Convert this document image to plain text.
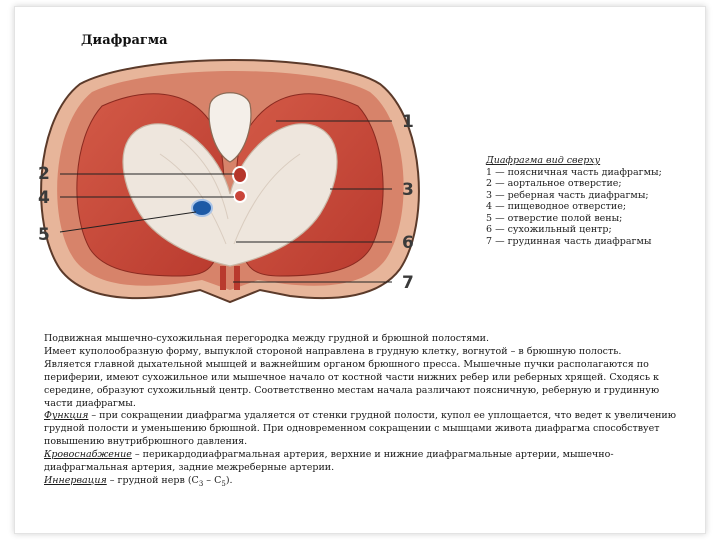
Диафрагма
1
2
3
4
5	6
7
Диафрагма вид сверху
1 — поясничная часть диафрагмы;
2 — аортальное отверстие;
3 — реберная часть диафрагмы;
4 — пищеводное отверстие;
5 — отверстие полой вены;
6 — сухожильный центр;
7 — грудинная часть диафрагмы

Подвижная мышечно-сухожильная перегородка между грудной и брюшной полостями.

Имеет куполообразную форму, выпуклой стороной направлена в грудную клетку, вогнутой – в брюшную полость.

Является главной дыхательной мышцей и важнейшим органом брюшного пресса. Мышечные пучки располагаются по периферии, имеют сухожильное или мышечное начало от костной части нижних ребер или реберных хрящей. Сходясь к середине, образуют сухожильный центр. Соответственно местам начала различают поясничную, реберную и грудинную части диафрагмы.

Функция – при сокращении диафрагма удаляется от стенки грудной полости, купол ее уплощается, что ведет к увеличению грудной полости и уменьшению брюшной. При одновременном сокращении с мышцами живота диафрагма способствует повышению внутрибрюшного давления.

Кровоснабжение – перикардодиафрагмальная артерия, верхние и нижние диафрагмальные артерии, мышечно-диафрагмальная артерия, задние межреберные артерии.

Иннервация – грудной нерв $(C_3 - C_5)$.
